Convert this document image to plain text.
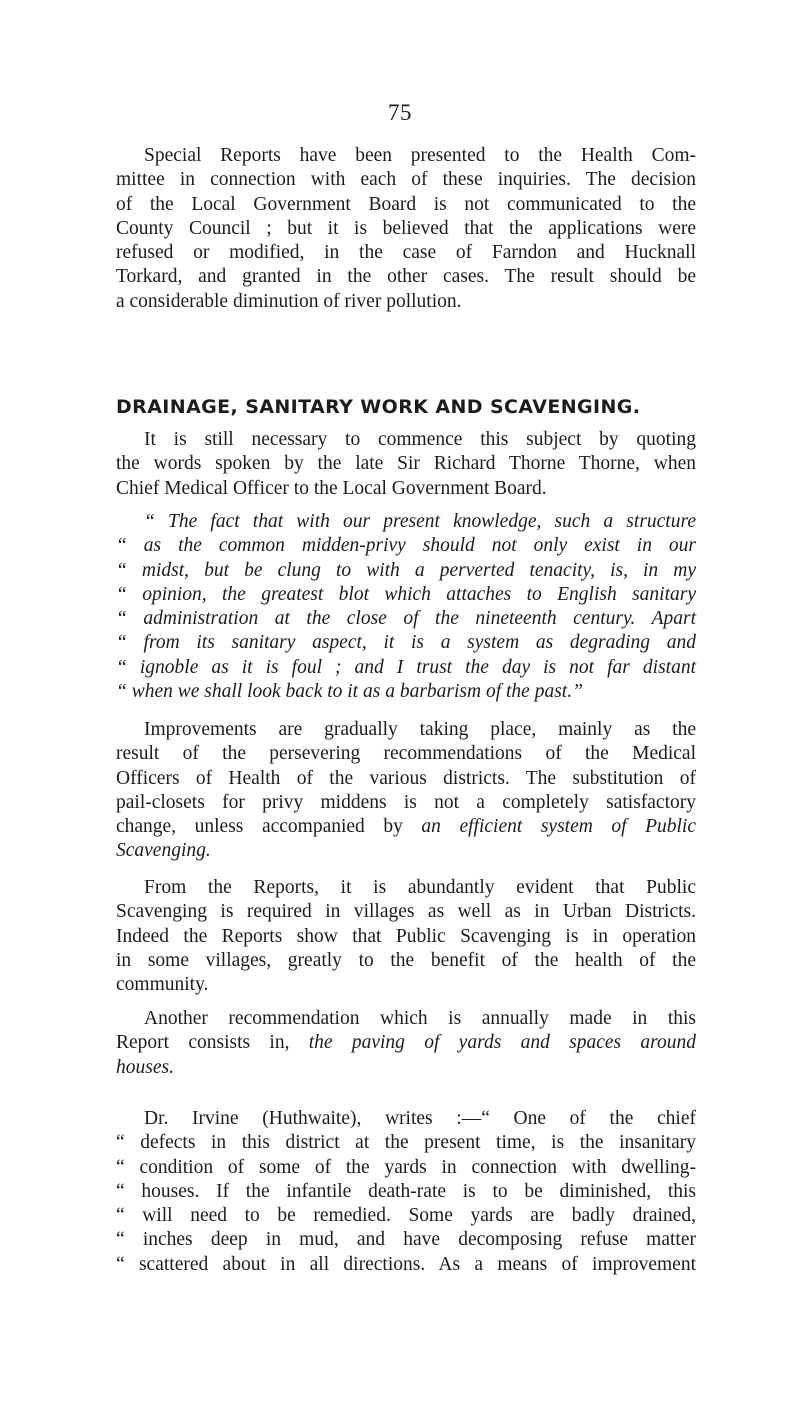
75
Special Reports have been presented to the Health Com-
mittee in connection with each of these inquiries. The decision
of the Local Government Board is not communicated to the
County Council ; but it is believed that the applications were
refused or modified, in the case of Farndon and Hucknall
Torkard, and granted in the other cases. The result should be
a considerable diminution of river pollution.
DRAINAGE, SANITARY WORK AND SCAVENGING.
It is still necessary to commence this subject by quoting
the words spoken by the late Sir Richard Thorne Thorne, when
Chief Medical Officer to the Local Government Board.
“ The fact that with our present knowledge, such a structure
“ as the common midden-privy should not only exist in our
“ midst, but be clung to with a perverted tenacity, is, in my
“ opinion, the greatest blot which attaches to English sanitary
“ administration at the close of the nineteenth century. Apart
“ from its sanitary aspect, it is a system as degrading and
“ ignoble as it is foul ; and I trust the day is not far distant
“ when we shall look back to it as a barbarism of the past.”
Improvements are gradually taking place, mainly as the
result of the persevering recommendations of the Medical
Officers of Health of the various districts. The substitution of
pail-closets for privy middens is not a completely satisfactory
change, unless accompanied by an efficient system of Public
Scavenging.
From the Reports, it is abundantly evident that Public
Scavenging is required in villages as well as in Urban Districts.
Indeed the Reports show that Public Scavenging is in operation
in some villages, greatly to the benefit of the health of the
community.
Another recommendation which is annually made in this
Report consists in, the paving of yards and spaces around
houses.
Dr. Irvine (Huthwaite), writes :—“ One of the chief
“ defects in this district at the present time, is the insanitary
“ condition of some of the yards in connection with dwelling-
“ houses. If the infantile death-rate is to be diminished, this
“ will need to be remedied. Some yards are badly drained,
“ inches deep in mud, and have decomposing refuse matter
“ scattered about in all directions. As a means of improvement
